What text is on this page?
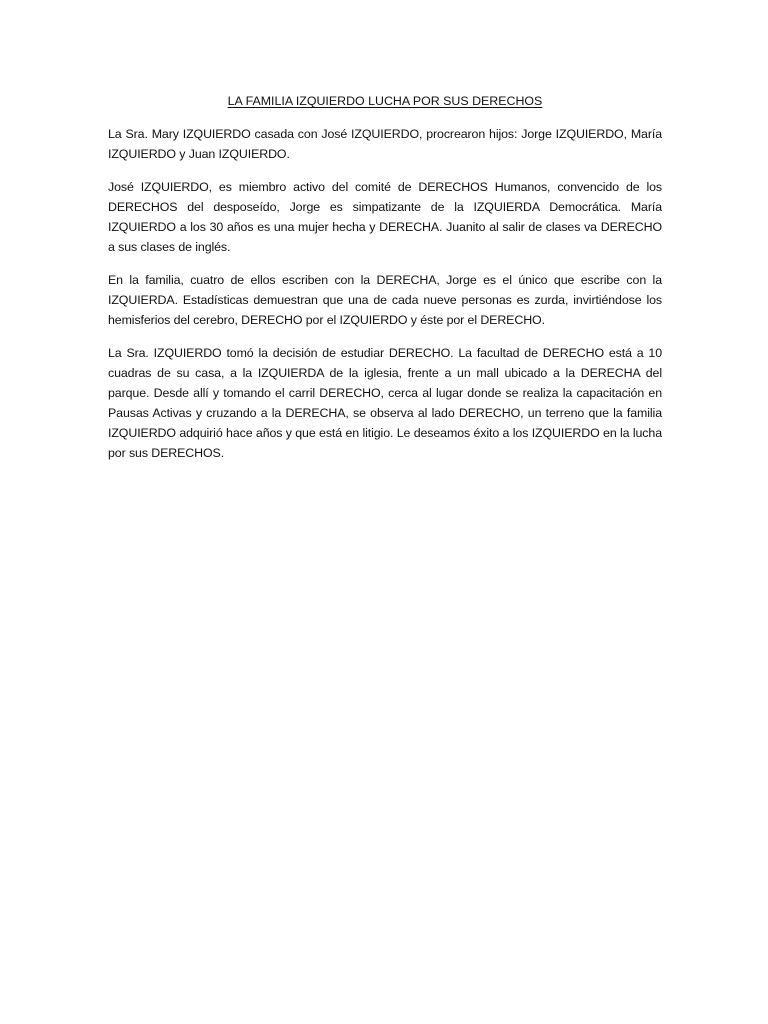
LA FAMILIA IZQUIERDO LUCHA POR SUS DERECHOS

La Sra. Mary IZQUIERDO casada con José IZQUIERDO, procrearon hijos: Jorge IZQUIERDO, María IZQUIERDO y Juan IZQUIERDO.

José IZQUIERDO, es miembro activo del comité de DERECHOS Humanos, convencido de los DERECHOS del desposeído, Jorge es simpatizante de la IZQUIERDA Democrática. María IZQUIERDO a los 30 años es una mujer hecha y DERECHA. Juanito al salir de clases va DERECHO a sus clases de inglés.

En la familia, cuatro de ellos escriben con la DERECHA, Jorge es el único que escribe con la IZQUIERDA. Estadísticas demuestran que una de cada nueve personas es zurda, invirtiéndose los hemisferios del cerebro, DERECHO por el IZQUIERDO y éste por el DERECHO.

La Sra. IZQUIERDO tomó la decisión de estudiar DERECHO. La facultad de DERECHO está a 10 cuadras de su casa, a la IZQUIERDA de la iglesia, frente a un mall ubicado a la DERECHA del parque. Desde allí y tomando el carril DERECHO, cerca al lugar donde se realiza la capacitación en Pausas Activas y cruzando a la DERECHA, se observa al lado DERECHO, un terreno que la familia IZQUIERDO adquirió hace años y que está en litigio. Le deseamos éxito a los IZQUIERDO en la lucha por sus DERECHOS.
